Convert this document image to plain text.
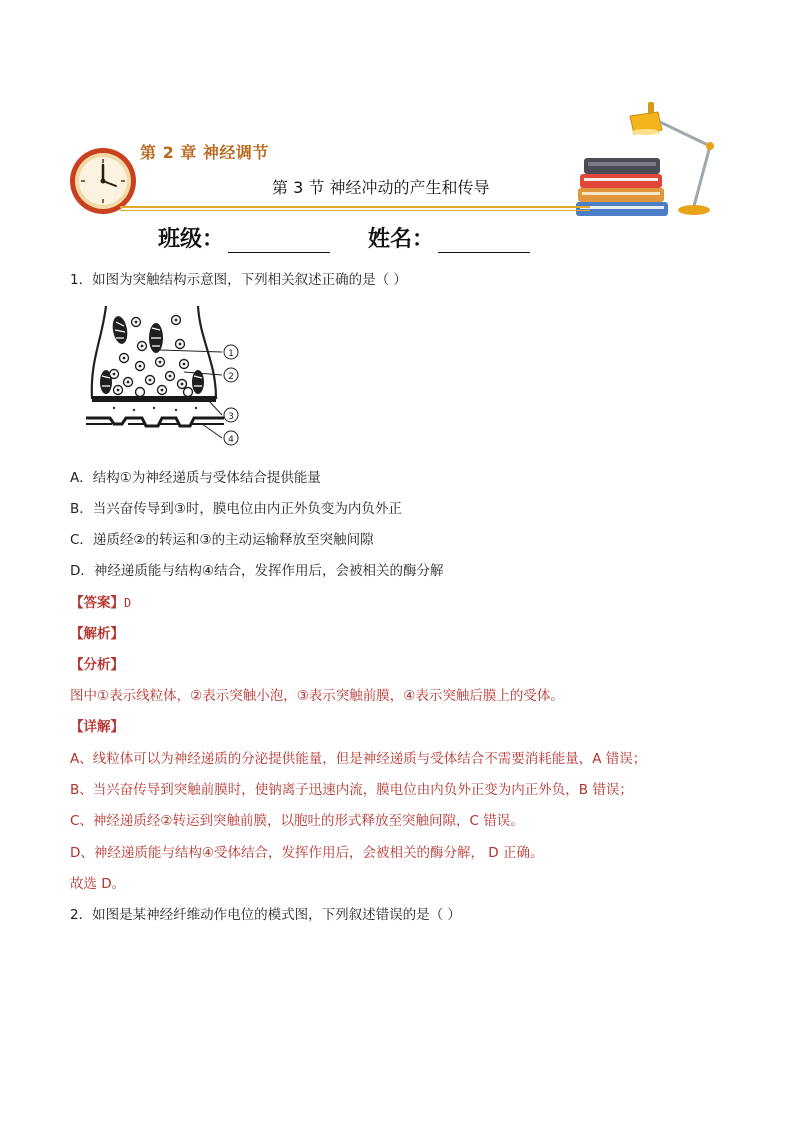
第 2 章 神经调节
第 3 节 神经冲动的产生和传导
班级：	姓名：
1．如图为突触结构示意图，下列相关叙述正确的是（ ）
1
2
3
4
A．结构①为神经递质与受体结合提供能量
B．当兴奋传导到③时，膜电位由内正外负变为内负外正
C．递质经②的转运和③的主动运输释放至突触间隙
D．神经递质能与结构④结合，发挥作用后，会被相关的酶分解
【答案】D
【解析】
【分析】
图中①表示线粒体，②表示突触小泡，③表示突触前膜，④表示突触后膜上的受体。
【详解】
A、线粒体可以为神经递质的分泌提供能量，但是神经递质与受体结合不需要消耗能量，A 错误；
B、当兴奋传导到突触前膜时，使钠离子迅速内流，膜电位由内负外正变为内正外负，B 错误；
C、神经递质经②转运到突触前膜，以胞吐的形式释放至突触间隙，C 错误。
D、神经递质能与结构④受体结合，发挥作用后，会被相关的酶分解， D 正确。
故选 D。
2．如图是某神经纤维动作电位的模式图，下列叙述错误的是（ ）
